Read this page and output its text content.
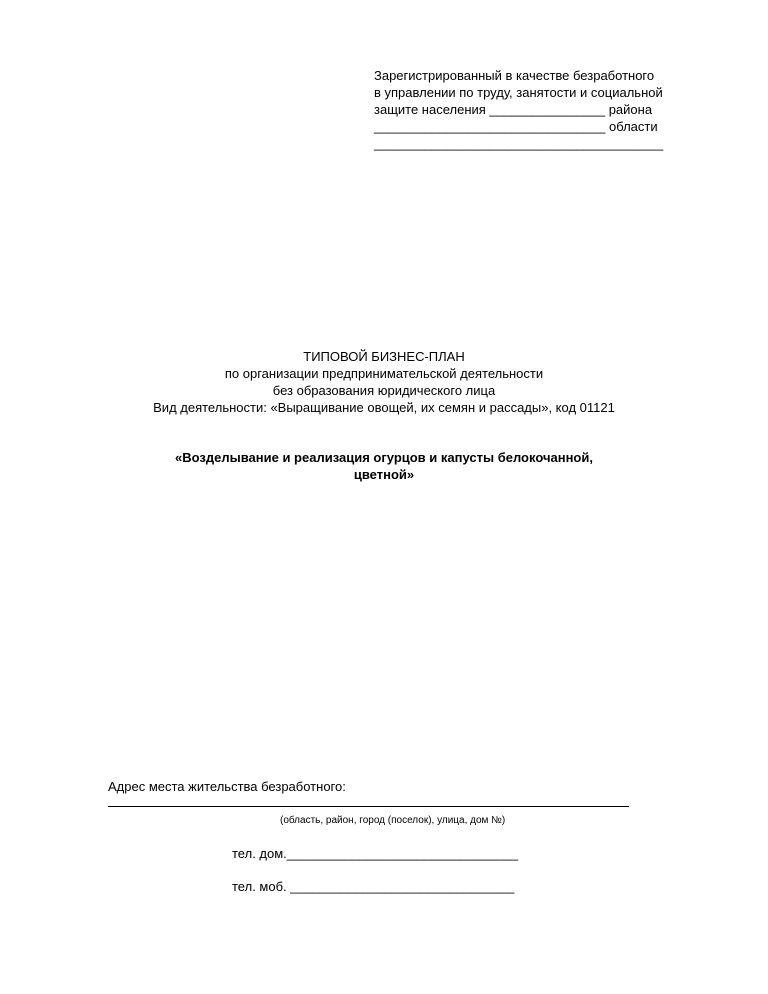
Зарегистрированный в качестве безработного
в управлении по труду, занятости и социальной
защите населения ________________ района
________________________________ области
________________________________________
ТИПОВОЙ БИЗНЕС-ПЛАН
по организации предпринимательской деятельности
без образования юридического лица
Вид деятельности: «Выращивание овощей, их семян и рассады», код 01121
«Возделывание и реализация огурцов и капусты белокочанной,
цветной»
Адрес места жительства безработного:
(область, район, город (поселок), улица, дом №)
тел. дом.________________________________
тел. моб. _______________________________
